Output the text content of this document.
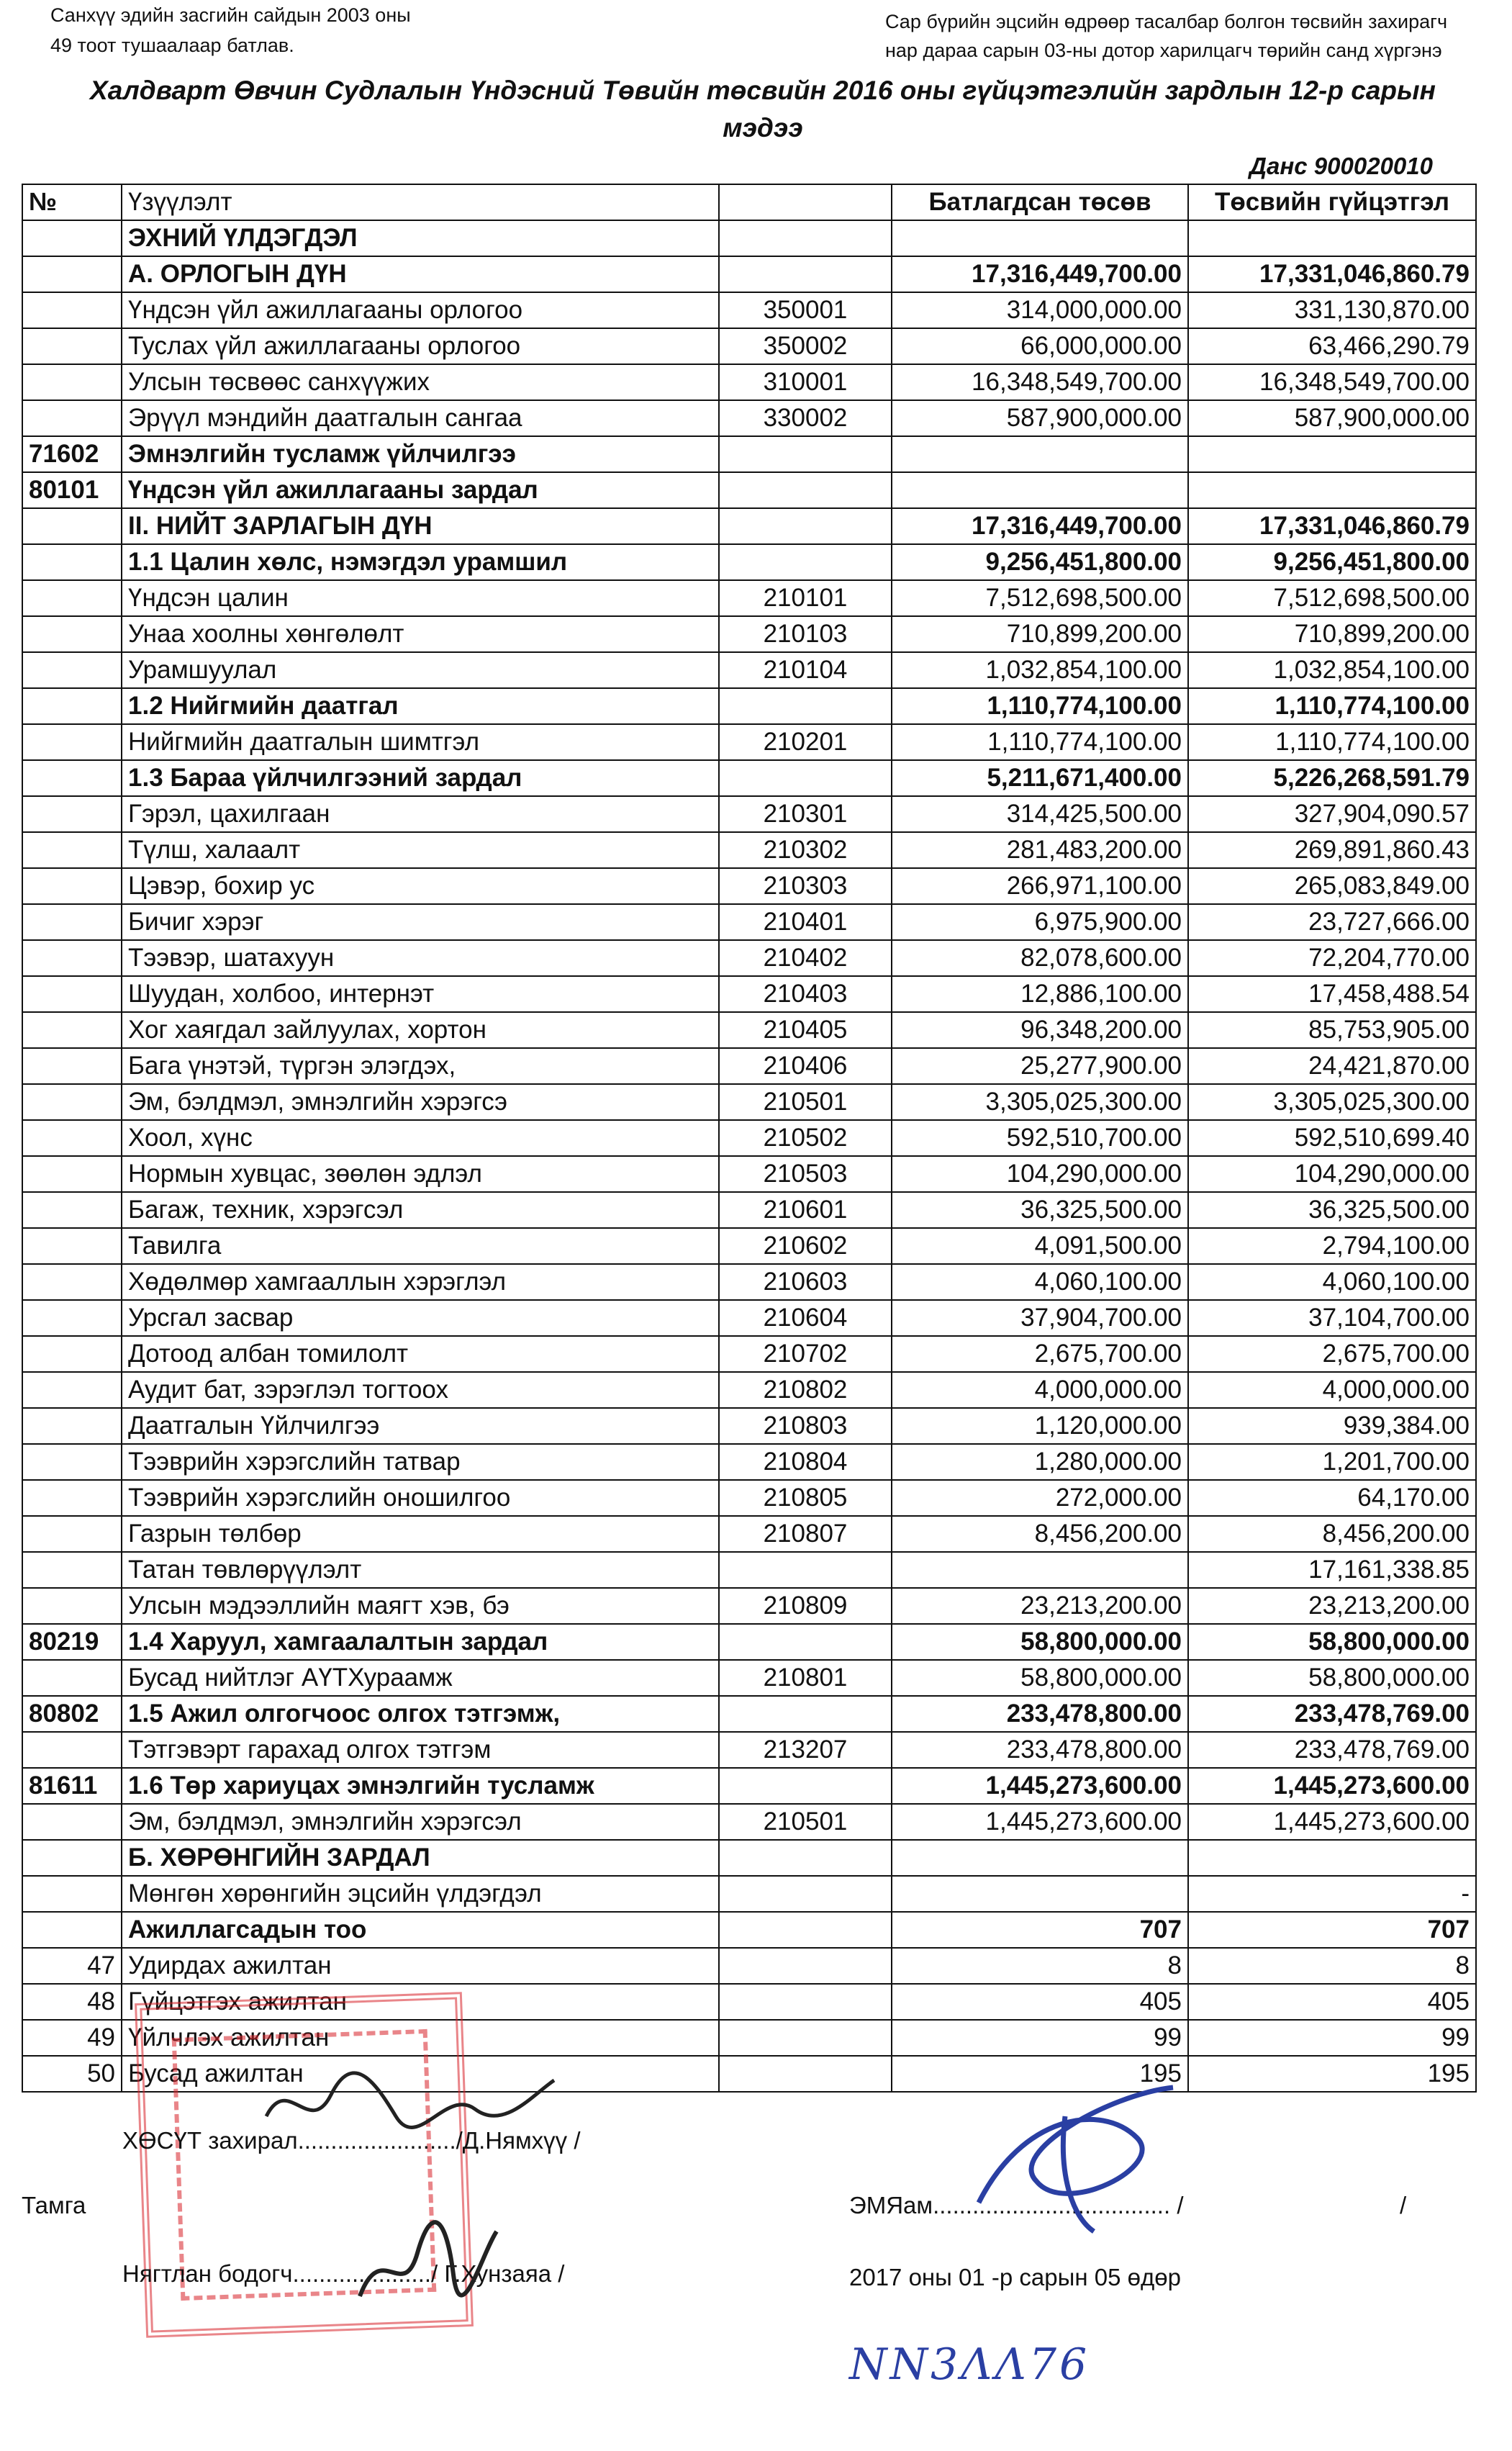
Санхүү эдийн засгийн сайдын 2003 оны
49 тоот тушаалаар батлав.
Сар бүрийн эцсийн өдрөөр тасалбар болгон төсвийн захирагч
нар дараа сарын 03-ны дотор харилцагч төрийн санд хүргэнэ
Халдварт Өвчин Судлалын Үндэсний Төвийн төсвийн 2016 оны гүйцэтгэлийн зардлын 12-р сарын
мэдээ
Данс 900020010
№	Үзүүлэлт		Батлагдсан төсөв	Төсвийн гүйцэтгэл
	ЭХНИЙ ҮЛДЭГДЭЛ			
	А. ОРЛОГЫН ДҮН		17,316,449,700.00	17,331,046,860.79
	Үндсэн үйл ажиллагааны орлогоо	350001	314,000,000.00	331,130,870.00
	Туслах үйл ажиллагааны орлогоо	350002	66,000,000.00	63,466,290.79
	Улсын төсвөөс санхүүжих	310001	16,348,549,700.00	16,348,549,700.00
	Эрүүл мэндийн даатгалын сангаа	330002	587,900,000.00	587,900,000.00
71602	Эмнэлгийн тусламж үйлчилгээ			
80101	Үндсэн үйл ажиллагааны зардал			
	II. НИЙТ ЗАРЛАГЫН ДҮН		17,316,449,700.00	17,331,046,860.79
	1.1 Цалин хөлс, нэмэгдэл урамшил		9,256,451,800.00	9,256,451,800.00
	Үндсэн цалин	210101	7,512,698,500.00	7,512,698,500.00
	Унаа хоолны хөнгөлөлт	210103	710,899,200.00	710,899,200.00
	Урамшуулал	210104	1,032,854,100.00	1,032,854,100.00
	1.2 Нийгмийн даатгал		1,110,774,100.00	1,110,774,100.00
	Нийгмийн даатгалын шимтгэл	210201	1,110,774,100.00	1,110,774,100.00
	1.3 Бараа үйлчилгээний зардал		5,211,671,400.00	5,226,268,591.79
	Гэрэл, цахилгаан	210301	314,425,500.00	327,904,090.57
	Түлш, халаалт	210302	281,483,200.00	269,891,860.43
	Цэвэр, бохир ус	210303	266,971,100.00	265,083,849.00
	Бичиг хэрэг	210401	6,975,900.00	23,727,666.00
	Тээвэр, шатахуун	210402	82,078,600.00	72,204,770.00
	Шуудан, холбоо, интернэт	210403	12,886,100.00	17,458,488.54
	Хог хаягдал зайлуулах, хортон	210405	96,348,200.00	85,753,905.00
	Бага үнэтэй, түргэн элэгдэх,	210406	25,277,900.00	24,421,870.00
	Эм, бэлдмэл, эмнэлгийн хэрэгсэ	210501	3,305,025,300.00	3,305,025,300.00
	Хоол, хүнс	210502	592,510,700.00	592,510,699.40
	Нормын хувцас, зөөлөн эдлэл	210503	104,290,000.00	104,290,000.00
	Багаж, техник, хэрэгсэл	210601	36,325,500.00	36,325,500.00
	Тавилга	210602	4,091,500.00	2,794,100.00
	Хөдөлмөр хамгааллын хэрэглэл	210603	4,060,100.00	4,060,100.00
	Урсгал засвар	210604	37,904,700.00	37,104,700.00
	Дотоод албан томилолт	210702	2,675,700.00	2,675,700.00
	Аудит бат, зэрэглэл тогтоох	210802	4,000,000.00	4,000,000.00
	Даатгалын Үйлчилгээ	210803	1,120,000.00	939,384.00
	Тээврийн хэрэгслийн татвар	210804	1,280,000.00	1,201,700.00
	Тээврийн хэрэгслийн оношилгоо	210805	272,000.00	64,170.00
	Газрын төлбөр	210807	8,456,200.00	8,456,200.00
	Татан төвлөрүүлэлт			17,161,338.85
	Улсын мэдээллийн маягт хэв, бэ	210809	23,213,200.00	23,213,200.00
80219	1.4 Харуул, хамгаалалтын зардал		58,800,000.00	58,800,000.00
	Бусад нийтлэг АҮТХураамж	210801	58,800,000.00	58,800,000.00
80802	1.5 Ажил олгогчоос олгох тэтгэмж,		233,478,800.00	233,478,769.00
	Тэтгэвэрт гарахад олгох тэтгэм	213207	233,478,800.00	233,478,769.00
81611	1.6 Төр хариуцах эмнэлгийн тусламж		1,445,273,600.00	1,445,273,600.00
	Эм, бэлдмэл, эмнэлгийн хэрэгсэл	210501	1,445,273,600.00	1,445,273,600.00
	Б. ХӨРӨНГИЙН ЗАРДАЛ			
	Мөнгөн хөрөнгийн эцсийн үлдэгдэл			-
	Ажиллагсадын тоо		707	707
47	Удирдах ажилтан		8	8
48	Гүйцэтгэх ажилтан		405	405
49	Үйлчлэх ажилтан		99	99
50	Бусад ажилтан		195	195
ХӨСҮТ захирал......................../Д.Нямхүү /
Тамга
Нягтлан бодогч...................../ Г.Хунзаяа /
ЭМЯам.................................... /	/
2017 оны 01 -р сарын 05 өдөр
ΝΝ3ΛΛ76
